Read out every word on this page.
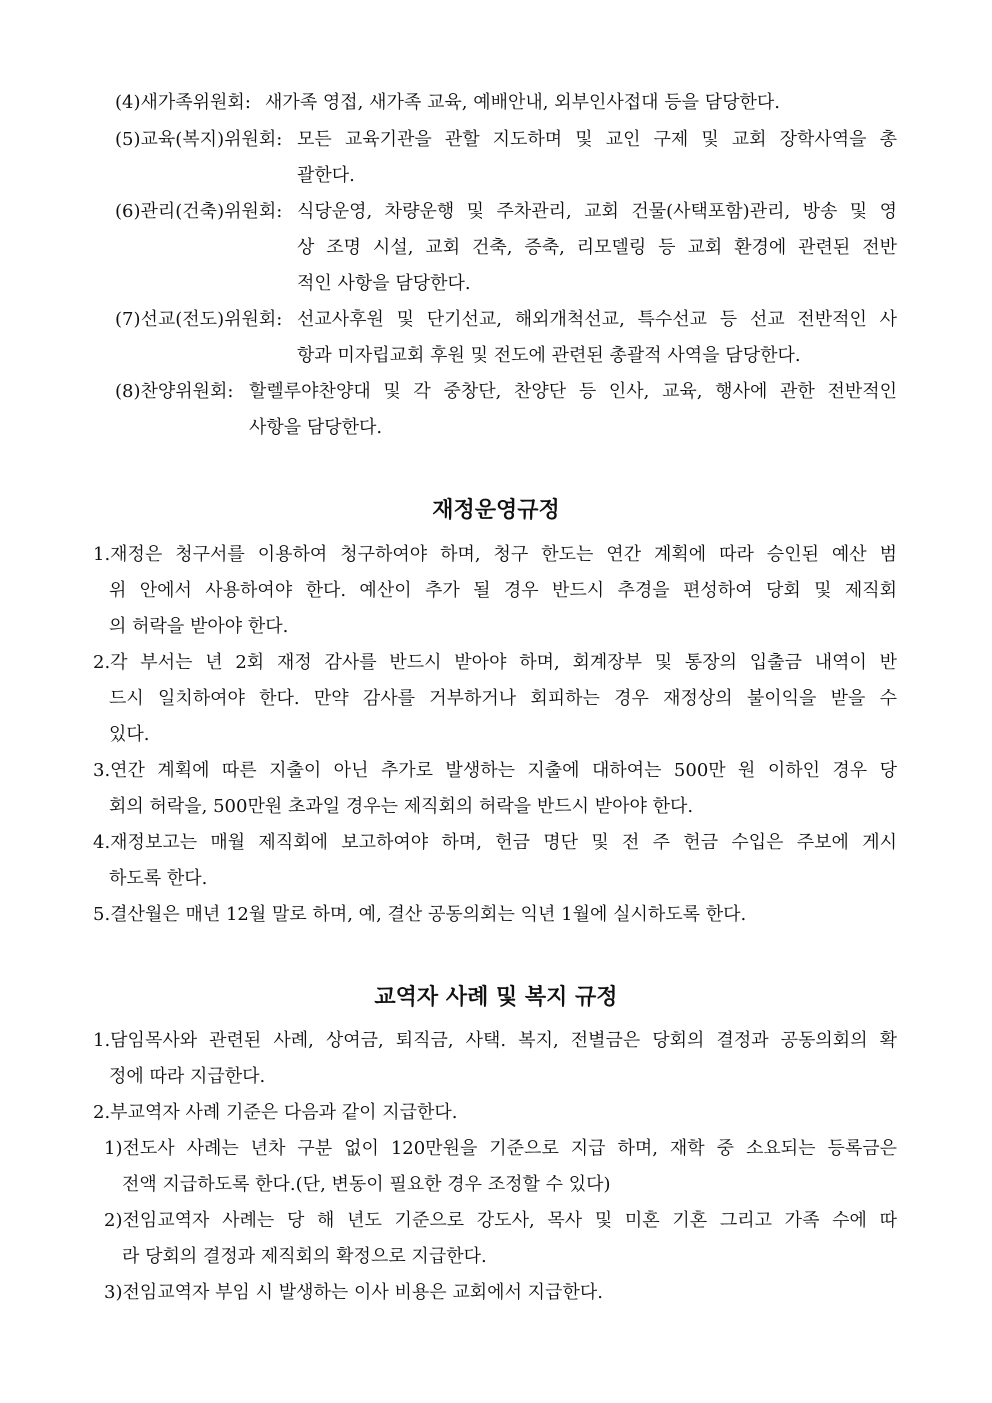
(4)새가족위원회: 새가족 영접, 새가족 교육, 예배안내, 외부인사접대 등을 담당한다.
(5)교육(복지)위원회: 모든 교육기관을 관할 지도하며 및 교인 구제 및 교회 장학사역을 총
괄한다.
(6)관리(건축)위원회: 식당운영, 차량운행 및 주차관리, 교회 건물(사택포함)관리, 방송 및 영
상 조명 시설, 교회 건축, 증축, 리모델링 등 교회 환경에 관련된 전반
적인 사항을 담당한다.
(7)선교(전도)위원회: 선교사후원 및 단기선교, 해외개척선교, 특수선교 등 선교 전반적인 사
항과 미자립교회 후원 및 전도에 관련된 총괄적 사역을 담당한다.
(8)찬양위원회: 할렐루야찬양대 및 각 중창단, 찬양단 등 인사, 교육, 행사에 관한 전반적인
사항을 담당한다.
재정운영규정
1.재정은 청구서를 이용하여 청구하여야 하며, 청구 한도는 연간 계획에 따라 승인된 예산 범
위 안에서 사용하여야 한다. 예산이 추가 될 경우 반드시 추경을 편성하여 당회 및 제직회
의 허락을 받아야 한다.
2.각 부서는 년 2회 재정 감사를 반드시 받아야 하며, 회계장부 및 통장의 입출금 내역이 반
드시 일치하여야 한다. 만약 감사를 거부하거나 회피하는 경우 재정상의 불이익을 받을 수
있다.
3.연간 계획에 따른 지출이 아닌 추가로 발생하는 지출에 대하여는 500만 원 이하인 경우 당
회의 허락을, 500만원 초과일 경우는 제직회의 허락을 반드시 받아야 한다.
4.재정보고는 매월 제직회에 보고하여야 하며, 헌금 명단 및 전 주 헌금 수입은 주보에 게시
하도록 한다.
5.결산월은 매년 12월 말로 하며, 예, 결산 공동의회는 익년 1월에 실시하도록 한다.
교역자 사례 및 복지 규정
1.담임목사와 관련된 사례, 상여금, 퇴직금, 사택. 복지, 전별금은 당회의 결정과 공동의회의 확
정에 따라 지급한다.
2.부교역자 사례 기준은 다음과 같이 지급한다.
1)전도사 사례는 년차 구분 없이 120만원을 기준으로 지급 하며, 재학 중 소요되는 등록금은
전액 지급하도록 한다.(단, 변동이 필요한 경우 조정할 수 있다)
2)전임교역자 사례는 당 해 년도 기준으로 강도사, 목사 및 미혼 기혼 그리고 가족 수에 따
라 당회의 결정과 제직회의 확정으로 지급한다.
3)전임교역자 부임 시 발생하는 이사 비용은 교회에서 지급한다.
